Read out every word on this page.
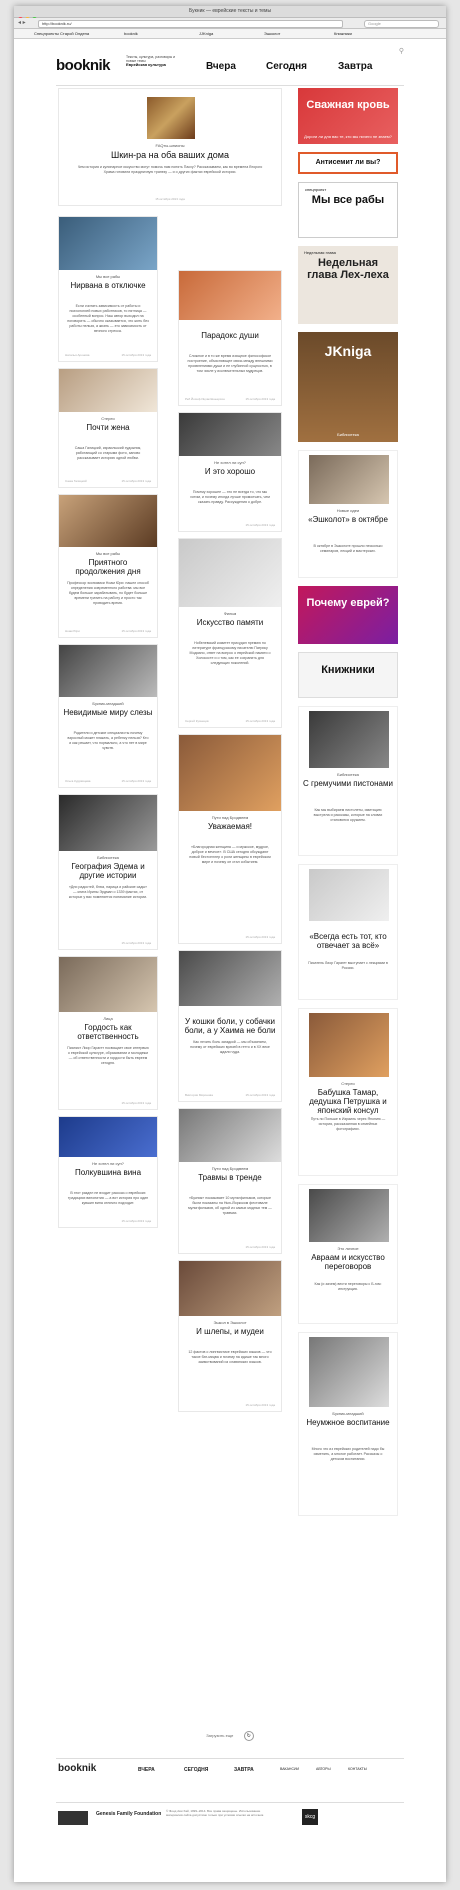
Букник — еврейские тексты и темы
◂ ▸	http://booknik.ru/	Google
Спецпроекты Старой Олдена	booknik	JJKniga	Эшколот	Книжники
booknik	Тексты, культура, разговоры и новые темы
Еврейская культура	Вчера	Сегодня	Завтра
⚲
FAQты-шпионы
Шкин-ра на оба ваших дома
Чем история и кулинарное искусство могут помочь нам понять Пасху? Рассказываем, как во времена Второго Храма готовили праздничную трапезу — и о других фактах еврейской истории.
15 октября 2013 года
Загрузить еще	↻
booknik	ВЧЕРА	СЕГОДНЯ	ЗАВТРА	ВАКАНСИИ	АВТОРЫ	КОНТАКТЫ
Genesis Family Foundation © Фонд Ави Хай, 1999–2014. Все права защищены. Использование материалов сайта допустимо только при условии ссылки на источник.	skcg
Мы все рабы
Нирвана в отключке
Если считать зависимость от работы и психологией новых работников, то пятница — особенный вопрос. Наш автор выходил на поговорить — обычно оказывается, что жить без работы нельзя, а жизнь — это зависимость от вечного стресса.
Наталья Аронова	15 октября 2013 года
Стерео
Почти жена
Саша Галицкий, израильский художник, работающий со старыми фото, заново рассказывает историю одной любви.
Саша Галицкий	15 октября 2013 года
Мы все рабы
Приятного продолжения дня
Профессор экономики Ноам Юри: нашел способ определения современного рабства: мы все будем больше зарабатывать, но будет больше времени тратить на работу и просто так проводить время.
Ноам Юри	15 октября 2013 года
Букник-младший
Невидимые миру слезы
Родители и детские специалисты почему взрослый может плакать, а ребенку нельзя? Кто и как решает, что нормально, а что нет в мире чувств.
Ольга Кудрявцева	15 октября 2013 года
Библиотека
География Эдема и другие истории
«Дни радостей, блюз, нарица и райские сады» — книга Ирины Эрдман о 1339 фактах, от которых у вас поменяется понимание истории.
15 октября 2013 года
Лица
Гордость как ответственность
Пианист Лиор Гарагет посвящает свое интервью о еврейской культуре, образовании и молодежи — об ответственности и гордости быть евреем сегодня.
15 октября 2013 года
Не хотел ли суп?
Полкувшина вина
В этот раздел не входит рассказ о еврейских традициях винопития — а вот история про один кувшин вина отлично подходит.
15 октября 2013 года
Парадокс души
Сложное и в то же время изящное философское построение, объясняющее связь между внешними проявлениями души и ее глубинной сущностью, в том числе у исключительных мудрецов.
Реб Йосеф Ицхак Шнеерсон	15 октября 2013 года
Не хотел ли суп?
И это хорошо
Почему хорошее — это не всегда то, что мы хотим, и почему иногда лучше промолчать, чем сказать правду. Рассуждения о добре.
15 октября 2013 года
Фильм
Искусство памяти
Нобелевский комитет присудил премию по литературе французскому писателю Патрику Модиано, ответ на вопрос о еврейской памяти о Холокосте и о том, как ее сохранить для следующих поколений.
Сергей Кузнецов	15 октября 2013 года
Пути над Бродвеем
Уважаемая!
«Благородная женщина — и мужское, мудрое, доброе и вечное». В США сегодня обсуждают новый бестселлер о роли женщины в еврейском мире и почему он стал событием.
15 октября 2013 года
У кошки боли, у собачки боли, а у Хаима не боли
Как лечить боль загадкой — мы объясняем, почему от еврейских врачей в гетто и в XX веке ждали чуда.
Виктория Миронова	15 октября 2013 года
Пути над Бродвеем
Травмы в тренде
«Букник» показывает 10 мультфильмов, которые были показаны на Нью-Йоркском фестивале мультфильмов, об одной из самых модных тем — травмах.
15 октября 2013 года
Эшкол в Эшколот
И шлепы, и мудеи
12 фактов о лингвистике еврейских языков — что такое бат-мицва и почему на идише так много заимствований из славянских языков.
15 октября 2013 года
Сважная кровь
Дороги ли для вас те, кто мы ничего не знаем?
Антисемит ли вы?
спецпроект
Мы все рабы
Недельная глава
Недельная глава Лех-леха
JKniga
Библиотека
Новые идеи
«Эшколот» в октябре
В октябре в Эшколоте прошло несколько семинаров, лекций и мастерских.
Почему еврей?
Книжники
Библиотека
С гремучими пистонами
Как мы выбираем пистолеты, имитацию выстрела и рассказы, которые на словах становятся оружием.
«Всегда есть тот, кто отвечает за всё»
Писатель Лиор Гарагет выступает с лекциями в России.
Стерео
Бабушка Тамар, дедушка Петрушка и японский консул
Путь по Польше в Израиль через Японию — история, рассказанная в семейных фотографиях.
Это личное
Авраам и искусство переговоров
Как (и зачем) вести переговоры с Б-гом: инструкция.
Букник-младший
Неумжное воспитание
Много что из еврейских родителей надо бы изменить, а многое работает. Рассказы о детском воспитании.
